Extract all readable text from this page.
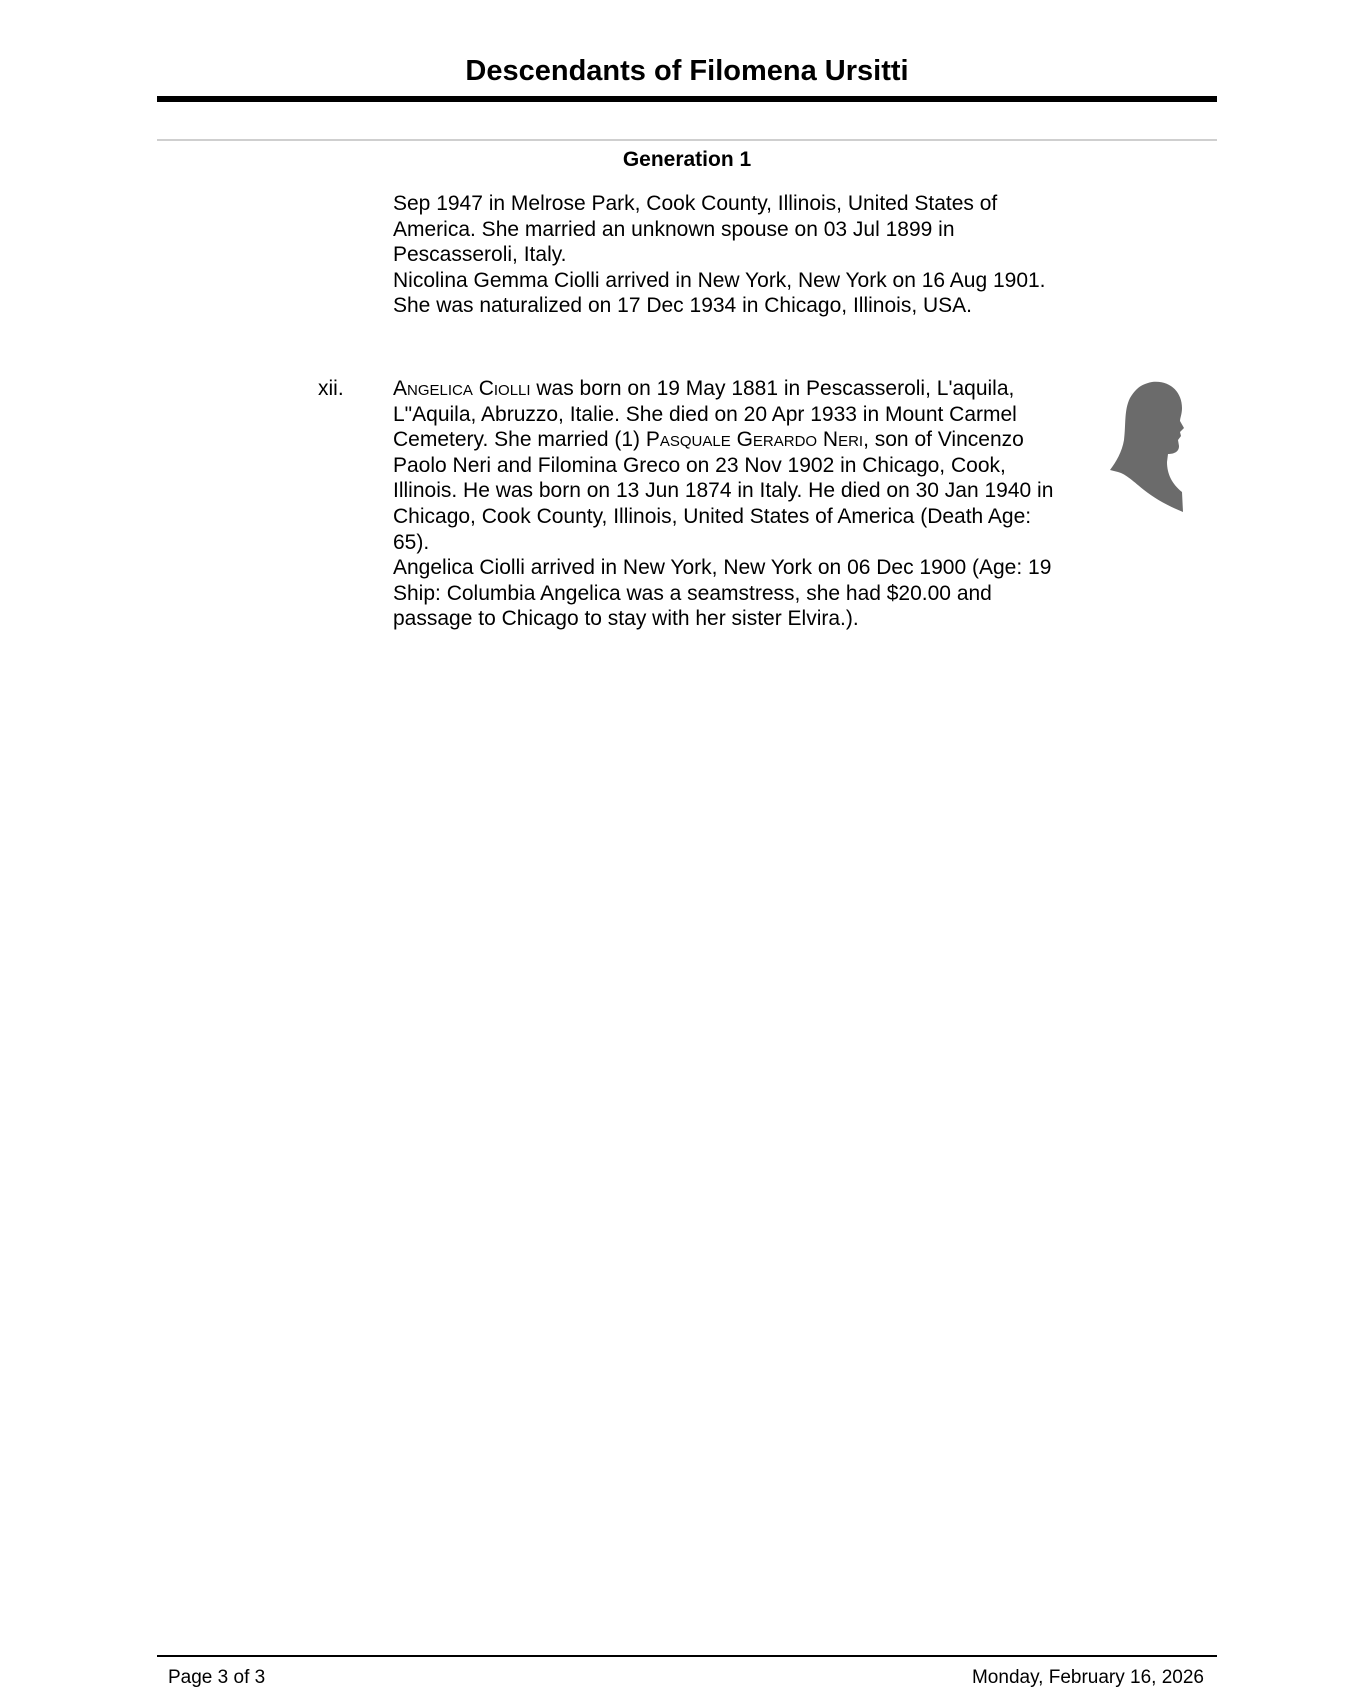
Descendants of Filomena Ursitti
Generation 1

Sep 1947 in Melrose Park, Cook County, Illinois, United States of America. She married an unknown spouse on 03 Jul 1899 in Pescasseroli, Italy.

Nicolina Gemma Ciolli arrived in New York, New York on 16 Aug 1901. She was naturalized on 17 Dec 1934 in Chicago, Illinois, USA.

xii. Angelica Ciolli was born on 19 May 1881 in Pescasseroli, L'aquila, L"Aquila, Abruzzo, Italie. She died on 20 Apr 1933 in Mount Carmel Cemetery. She married (1) Pasquale Gerardo Neri, son of Vincenzo Paolo Neri and Filomina Greco on 23 Nov 1902 in Chicago, Cook, Illinois. He was born on 13 Jun 1874 in Italy. He died on 30 Jan 1940 in Chicago, Cook County, Illinois, United States of America (Death Age: 65).

Angelica Ciolli arrived in New York, New York on 06 Dec 1900 (Age: 19 Ship: Columbia Angelica was a seamstress, she had $20.00 and passage to Chicago to stay with her sister Elvira.).

Page 3 of 3	Monday, February 16, 2026
